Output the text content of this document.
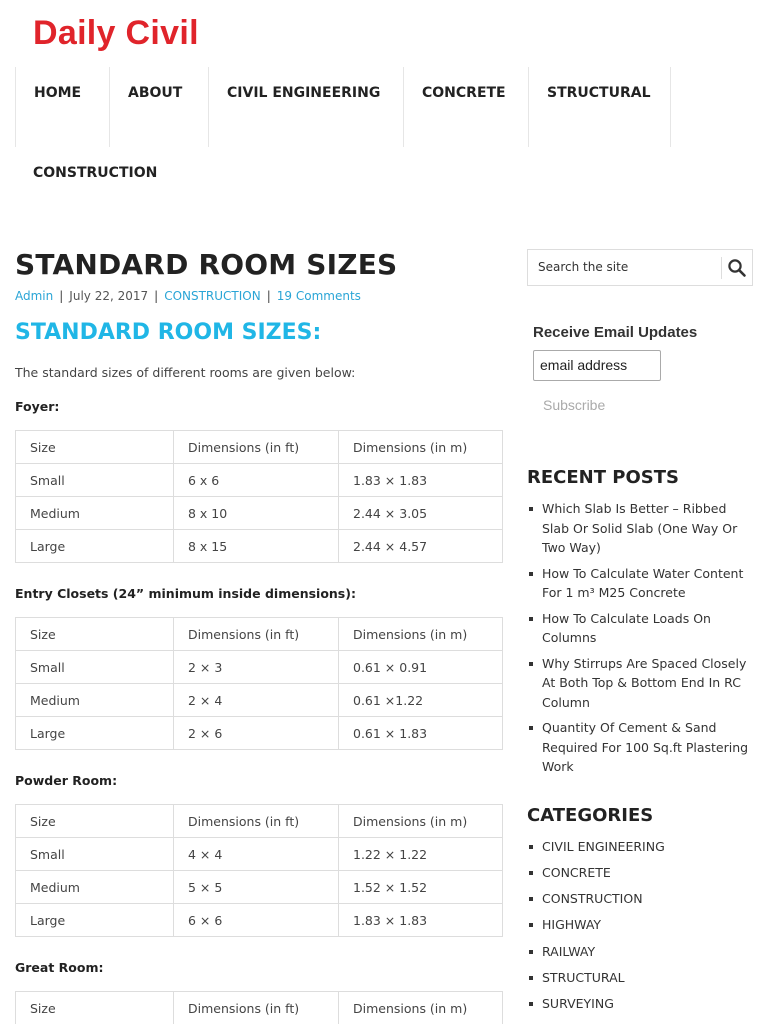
Daily Civil
HOME	ABOUT	CIVIL ENGINEERING	CONCRETE	STRUCTURAL
CONSTRUCTION
STANDARD ROOM SIZES
Admin | July 22, 2017 | CONSTRUCTION | 19 Comments
STANDARD ROOM SIZES:

The standard sizes of different rooms are given below:

Foyer:

Size	Dimensions (in ft)	Dimensions (in m)
Small	6 x 6	1.83 × 1.83
Medium	8 x 10	2.44 × 3.05
Large	8 x 15	2.44 × 4.57

Entry Closets (24” minimum inside dimensions):

Size	Dimensions (in ft)	Dimensions (in m)
Small	2 × 3	0.61 × 0.91
Medium	2 × 4	0.61 ×1.22
Large	2 × 6	0.61 × 1.83

Powder Room:

Size	Dimensions (in ft)	Dimensions (in m)
Small	4 × 4	1.22 × 1.22
Medium	5 × 5	1.52 × 1.52
Large	6 × 6	1.83 × 1.83

Great Room:

Size	Dimensions (in ft)	Dimensions (in m)
Search the site
Receive Email Updates
email address
Subscribe
RECENT POSTS
Which Slab Is Better – Ribbed Slab Or Solid Slab (One Way Or Two Way)
How To Calculate Water Content For 1 m³ M25 Concrete
How To Calculate Loads On Columns
Why Stirrups Are Spaced Closely At Both Top & Bottom End In RC Column
Quantity Of Cement & Sand Required For 100 Sq.ft Plastering Work
CATEGORIES
CIVIL ENGINEERING
CONCRETE
CONSTRUCTION
HIGHWAY
RAILWAY
STRUCTURAL
SURVEYING
